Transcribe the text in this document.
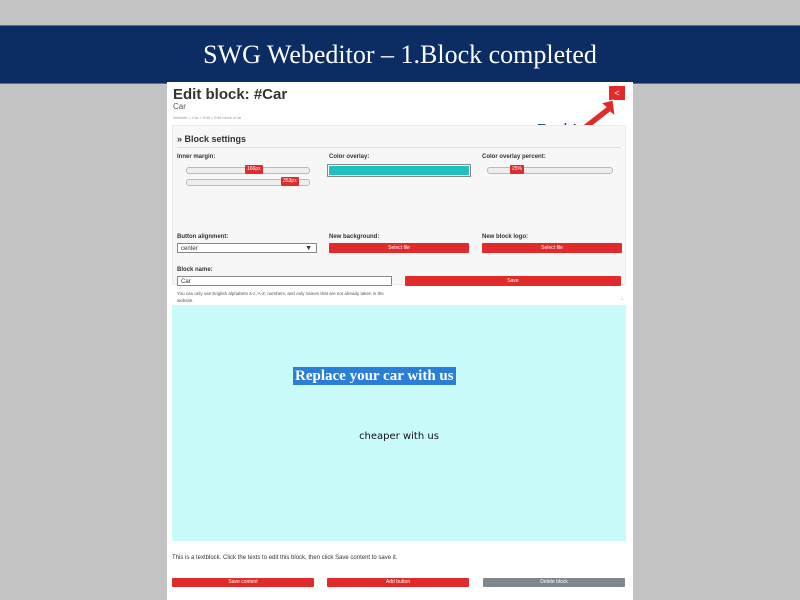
SWG Webeditor – 1.Block completed
Edit block: #Car
Car
Website > Car > Edit > Edit block #Car
<
» Block settings
Inner margin:
166px
353px
Color overlay:	Color overlay percent:
25%
Button alignment:
center	▼
New background:
Select file
New block logo:
Select file
Block name:
Car
You can only use English alphabets a-z, A-Z, numbers, and only names that are not already taken in the website.
Save
∟
Replace your car with us
cheaper with us
This is a textblock. Click the texts to edit this block, then click Save content to save it.
Save content	Add button	Delete block
